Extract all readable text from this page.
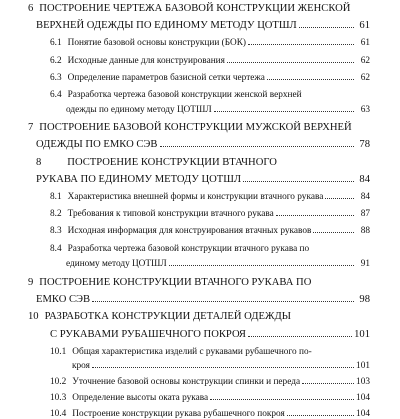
6 ПОСТРОЕНИЕ ЧЕРТЕЖА БАЗОВОЙ КОНСТРУКЦИИ ЖЕНСКОЙ
ВЕРХНЕЙ ОДЕЖДЫ ПО ЕДИНОМУ МЕТОДУ ЦОТШЛ	61
6.1 Понятие базовой основы конструкции (БОК)	61
6.2 Исходные данные для конструирования	62
6.3 Определение параметров базисной сетки чертежа	62
6.4 Разработка чертежа базовой конструкции женской верхней
одежды по единому методу ЦОТШЛ	63
7 ПОСТРОЕНИЕ БАЗОВОЙ КОНСТРУКЦИИ МУЖСКОЙ ВЕРХНЕЙ
ОДЕЖДЫ ПО ЕМКО СЭВ	78
8 ПОСТРОЕНИЕ КОНСТРУКЦИИ ВТАЧНОГО
РУКАВА ПО ЕДИНОМУ МЕТОДУ ЦОТШЛ	84
8.1 Характеристика внешней формы и конструкции втачного рукава	84
8.2 Требования к типовой конструкции втачного рукава	87
8.3 Исходная информация для конструирования втачных рукавов	88
8.4 Разработка чертежа базовой конструкции втачного рукава по
единому методу ЦОТШЛ	91
9 ПОСТРОЕНИЕ КОНСТРУКЦИИ ВТАЧНОГО РУКАВА ПО
ЕМКО СЭВ	98
10 РАЗРАБОТКА КОНСТРУКЦИИ ДЕТАЛЕЙ ОДЕЖДЫ
С РУКАВАМИ РУБАШЕЧНОГО ПОКРОЯ	101
10.1 Общая характеристика изделий с рукавами рубашечного по-
кроя	101
10.2 Уточнение базовой основы конструкции спинки и переда	103
10.3 Определение высоты оката рукава	104
10.4 Построение конструкции рукава рубашечного покроя	104
